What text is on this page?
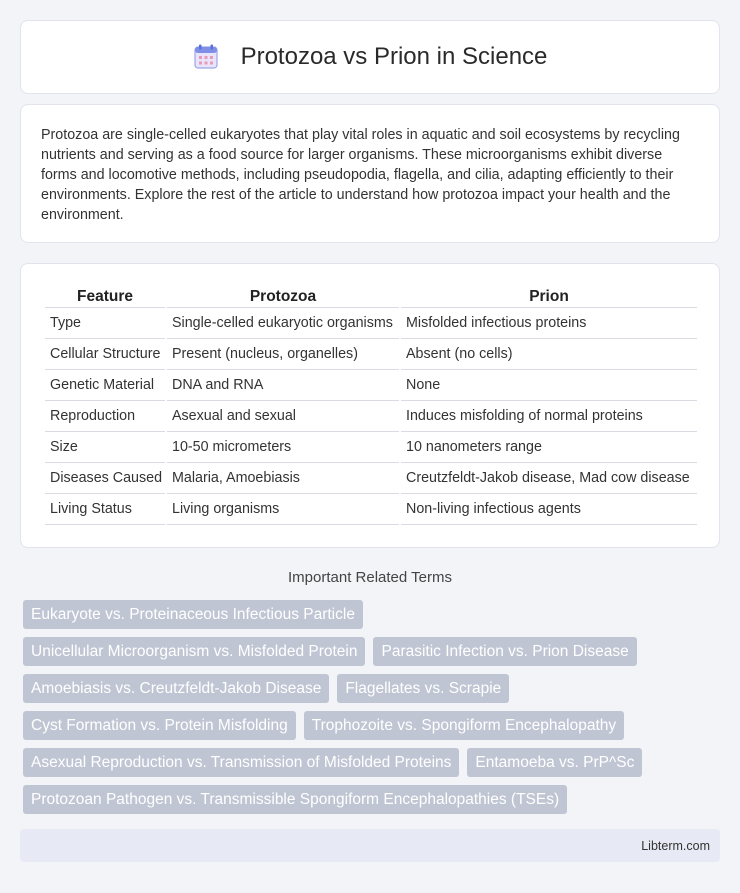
Protozoa vs Prion in Science

Protozoa are single-celled eukaryotes that play vital roles in aquatic and soil ecosystems by recycling nutrients and serving as a food source for larger organisms. These microorganisms exhibit diverse forms and locomotive methods, including pseudopodia, flagella, and cilia, adapting efficiently to their environments. Explore the rest of the article to understand how protozoa impact your health and the environment.

Feature	Protozoa	Prion
Type	Single-celled eukaryotic organisms	Misfolded infectious proteins
Cellular Structure	Present (nucleus, organelles)	Absent (no cells)
Genetic Material	DNA and RNA	None
Reproduction	Asexual and sexual	Induces misfolding of normal proteins
Size	10-50 micrometers	10 nanometers range
Diseases Caused	Malaria, Amoebiasis	Creutzfeldt-Jakob disease, Mad cow disease
Living Status	Living organisms	Non-living infectious agents
Important Related Terms
Eukaryote vs. Proteinaceous Infectious Particle
Unicellular Microorganism vs. Misfolded Protein	Parasitic Infection vs. Prion Disease
Amoebiasis vs. Creutzfeldt-Jakob Disease	Flagellates vs. Scrapie
Cyst Formation vs. Protein Misfolding	Trophozoite vs. Spongiform Encephalopathy
Asexual Reproduction vs. Transmission of Misfolded Proteins	Entamoeba vs. PrP^Sc
Protozoan Pathogen vs. Transmissible Spongiform Encephalopathies (TSEs)
Libterm.com
